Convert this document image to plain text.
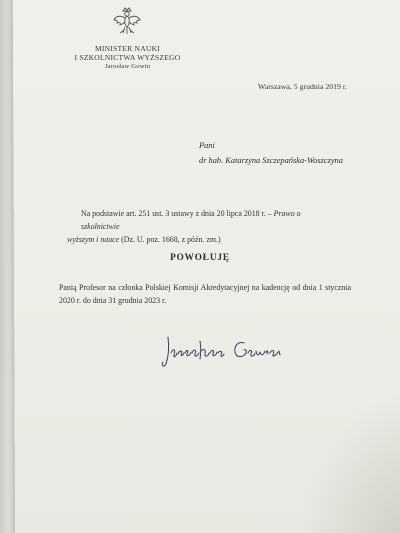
MINISTER NAUKI
I SZKOLNICTWA WYŻSZEGO
Jarosław Gowin
Warszawa, 5 grudnia 2019 r.
Pani
dr hab. Katarzyna Szczepańska-Woszczyna
Na podstawie art. 251 ust. 3 ustawy z dnia 20 lipca 2018 r. – Prawo o szkolnictwie
wyższym i nauce (Dz. U. poz. 1668, z późn. zm.)
POWOŁUJĘ
Panią Profesor na członka Polskiej Komisji Akredytacyjnej na kadencję od dnia 1 stycznia 2020 r. do dnia 31 grudnia 2023 r.
